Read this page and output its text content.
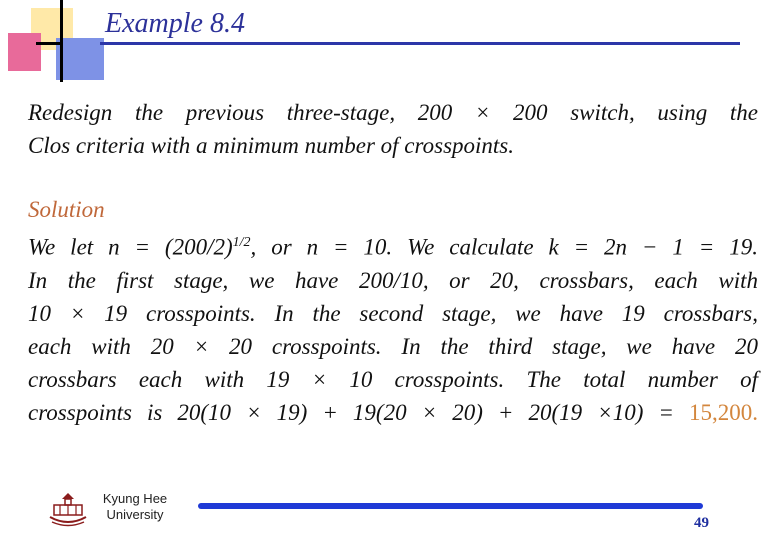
Example 8.4
Redesign the previous three-stage, 200 × 200 switch, using the
Clos criteria with a minimum number of crosspoints.
Solution
We let $n = (200/2)^{1/2}$, or n = 10. We calculate k = 2n − 1 = 19.
In the first stage, we have 200/10, or 20, crossbars, each with
10 × 19 crosspoints. In the second stage, we have 19 crossbars,
each with 20 × 20 crosspoints. In the third stage, we have 20
crossbars each with 19 × 10 crosspoints. The total number of
crosspoints is 20(10 × 19) + 19(20 × 20) + 20(19 ×10) = 15,200.
Kyung Hee
University
49
